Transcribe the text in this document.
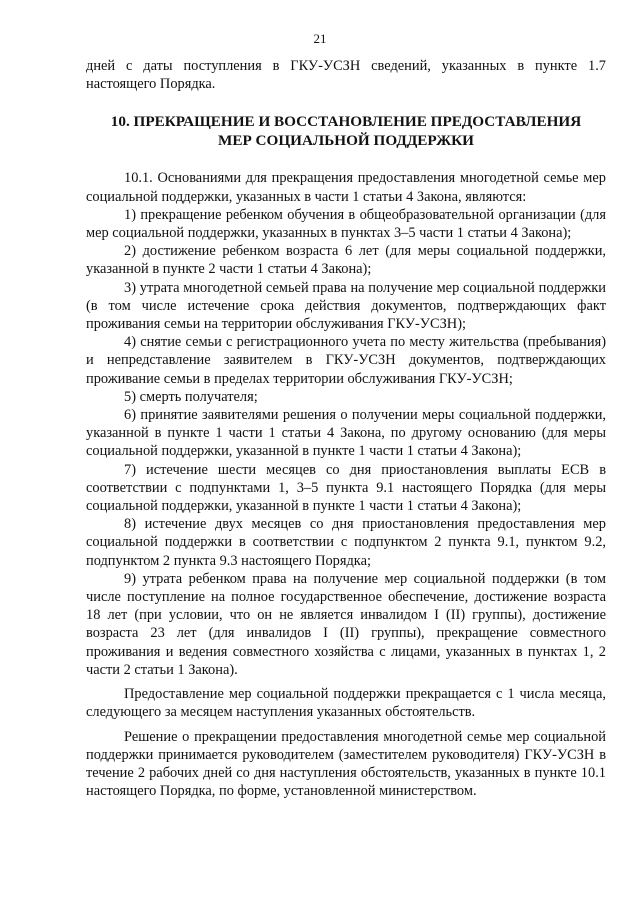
21

дней с даты поступления в ГКУ-УСЗН сведений, указанных в пункте 1.7 настоящего Порядка.

10. ПРЕКРАЩЕНИЕ И ВОССТАНОВЛЕНИЕ ПРЕДОСТАВЛЕНИЯ
МЕР СОЦИАЛЬНОЙ ПОДДЕРЖКИ

10.1. Основаниями для прекращения предоставления многодетной семье мер социальной поддержки, указанных в части 1 статьи 4 Закона, являются:

1) прекращение ребенком обучения в общеобразовательной организации (для мер социальной поддержки, указанных в пунктах 3–5 части 1 статьи 4 Закона);

2) достижение ребенком возраста 6 лет (для меры социальной поддержки, указанной в пункте 2 части 1 статьи 4 Закона);

3) утрата многодетной семьей права на получение мер социальной поддержки (в том числе истечение срока действия документов, подтверждающих факт проживания семьи на территории обслуживания ГКУ-УСЗН);

4) снятие семьи с регистрационного учета по месту жительства (пребывания) и непредставление заявителем в ГКУ-УСЗН документов, подтверждающих проживание семьи в пределах территории обслуживания ГКУ-УСЗН;

5) смерть получателя;

6) принятие заявителями решения о получении меры социальной поддержки, указанной в пункте 1 части 1 статьи 4 Закона, по другому основанию (для меры социальной поддержки, указанной в пункте 1 части 1 статьи 4 Закона);

7) истечение шести месяцев со дня приостановления выплаты ЕСВ в соответствии с подпунктами 1, 3–5 пункта 9.1 настоящего Порядка (для меры социальной поддержки, указанной в пункте 1 части 1 статьи 4 Закона);

8) истечение двух месяцев со дня приостановления предоставления мер социальной поддержки в соответствии с подпунктом 2 пункта 9.1, пунктом 9.2, подпунктом 2 пункта 9.3 настоящего Порядка;

9) утрата ребенком права на получение мер социальной поддержки (в том числе поступление на полное государственное обеспечение, достижение возраста 18 лет (при условии, что он не является инвалидом I (II) группы), достижение возраста 23 лет (для инвалидов I (II) группы), прекращение совместного проживания и ведения совместного хозяйства с лицами, указанных в пунктах 1, 2 части 2 статьи 1 Закона).

Предоставление мер социальной поддержки прекращается с 1 числа месяца, следующего за месяцем наступления указанных обстоятельств.

Решение о прекращении предоставления многодетной семье мер социальной поддержки принимается руководителем (заместителем руководителя) ГКУ-УСЗН в течение 2 рабочих дней со дня наступления обстоятельств, указанных в пункте 10.1 настоящего Порядка, по форме, установленной министерством.
